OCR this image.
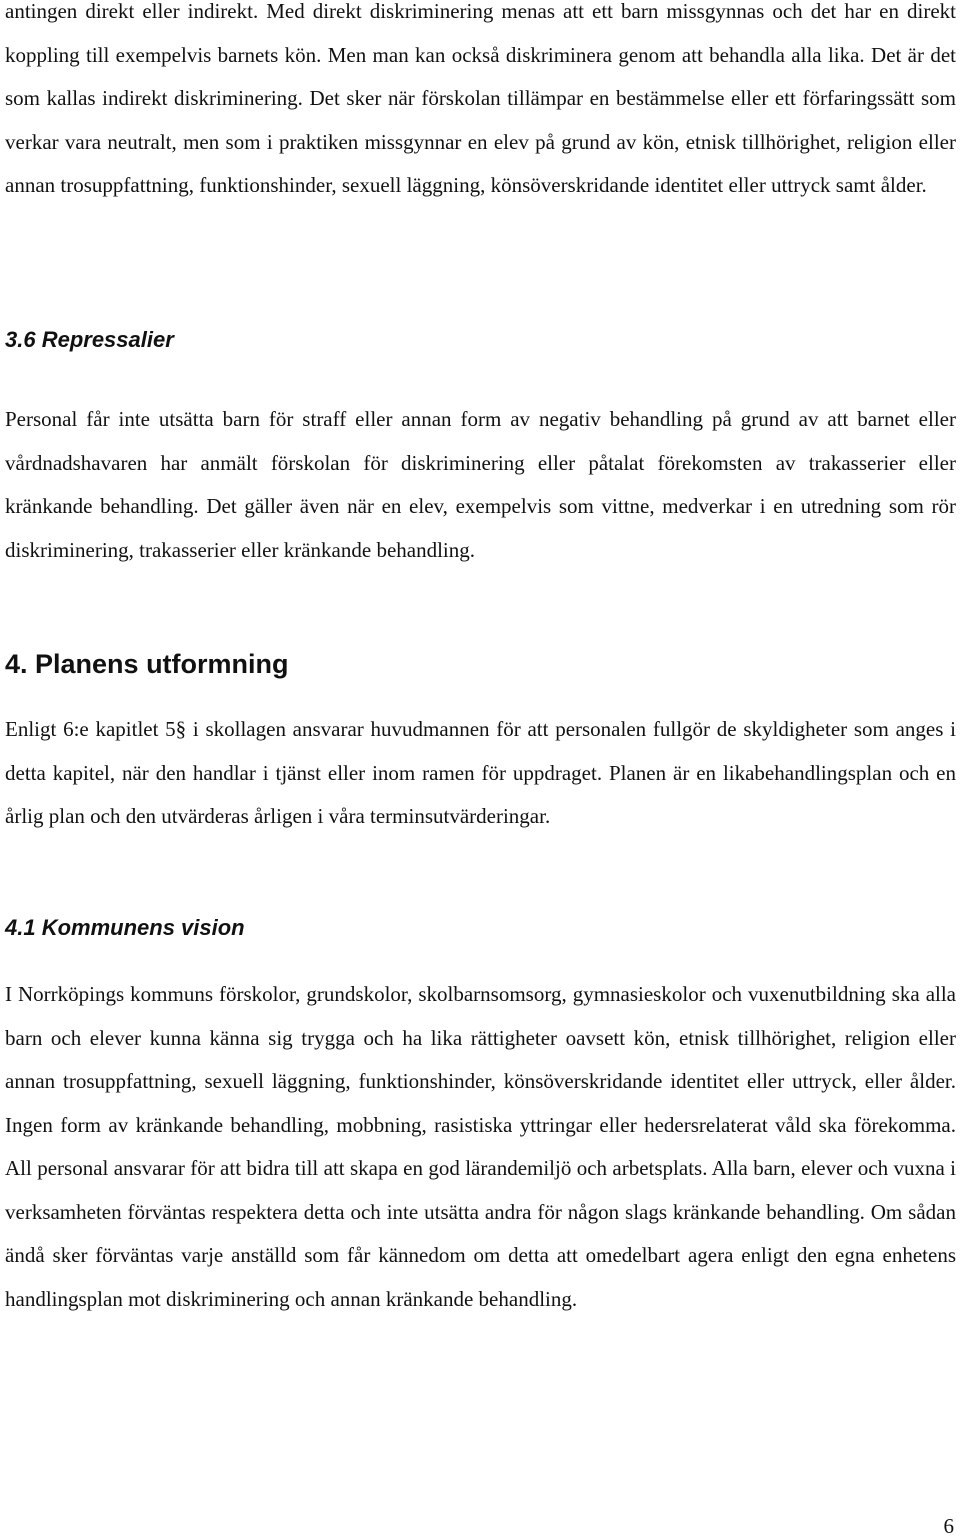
antingen direkt eller indirekt. Med direkt diskriminering menas att ett barn missgynnas och det har en direkt koppling till exempelvis barnets kön. Men man kan också diskriminera genom att behandla alla lika. Det är det som kallas indirekt diskriminering. Det sker när förskolan tillämpar en bestämmelse eller ett förfaringssätt som verkar vara neutralt, men som i praktiken missgynnar en elev på grund av kön, etnisk tillhörighet, religion eller annan trosuppfattning, funktionshinder, sexuell läggning, könsöverskridande identitet eller uttryck samt ålder.

3.6 Repressalier

Personal får inte utsätta barn för straff eller annan form av negativ behandling på grund av att barnet eller vårdnadshavaren har anmält förskolan för diskriminering eller påtalat förekomsten av trakasserier eller kränkande behandling. Det gäller även när en elev, exempelvis som vittne, medverkar i en utredning som rör diskriminering, trakasserier eller kränkande behandling.

4. Planens utformning

Enligt 6:e kapitlet 5§ i skollagen ansvarar huvudmannen för att personalen fullgör de skyldigheter som anges i detta kapitel, när den handlar i tjänst eller inom ramen för uppdraget. Planen är en likabehandlingsplan och en årlig plan och den utvärderas årligen i våra terminsutvärderingar.

4.1 Kommunens vision

I Norrköpings kommuns förskolor, grundskolor, skolbarnsomsorg, gymnasieskolor och vuxenutbildning ska alla barn och elever kunna känna sig trygga och ha lika rättigheter oavsett kön, etnisk tillhörighet, religion eller annan trosuppfattning, sexuell läggning, funktionshinder, könsöverskridande identitet eller uttryck, eller ålder. Ingen form av kränkande behandling, mobbning, rasistiska yttringar eller hedersrelaterat våld ska förekomma. All personal ansvarar för att bidra till att skapa en god lärandemiljö och arbetsplats. Alla barn, elever och vuxna i verksamheten förväntas respektera detta och inte utsätta andra för någon slags kränkande behandling. Om sådan ändå sker förväntas varje anställd som får kännedom om detta att omedelbart agera enligt den egna enhetens handlingsplan mot diskriminering och annan kränkande behandling.

6
